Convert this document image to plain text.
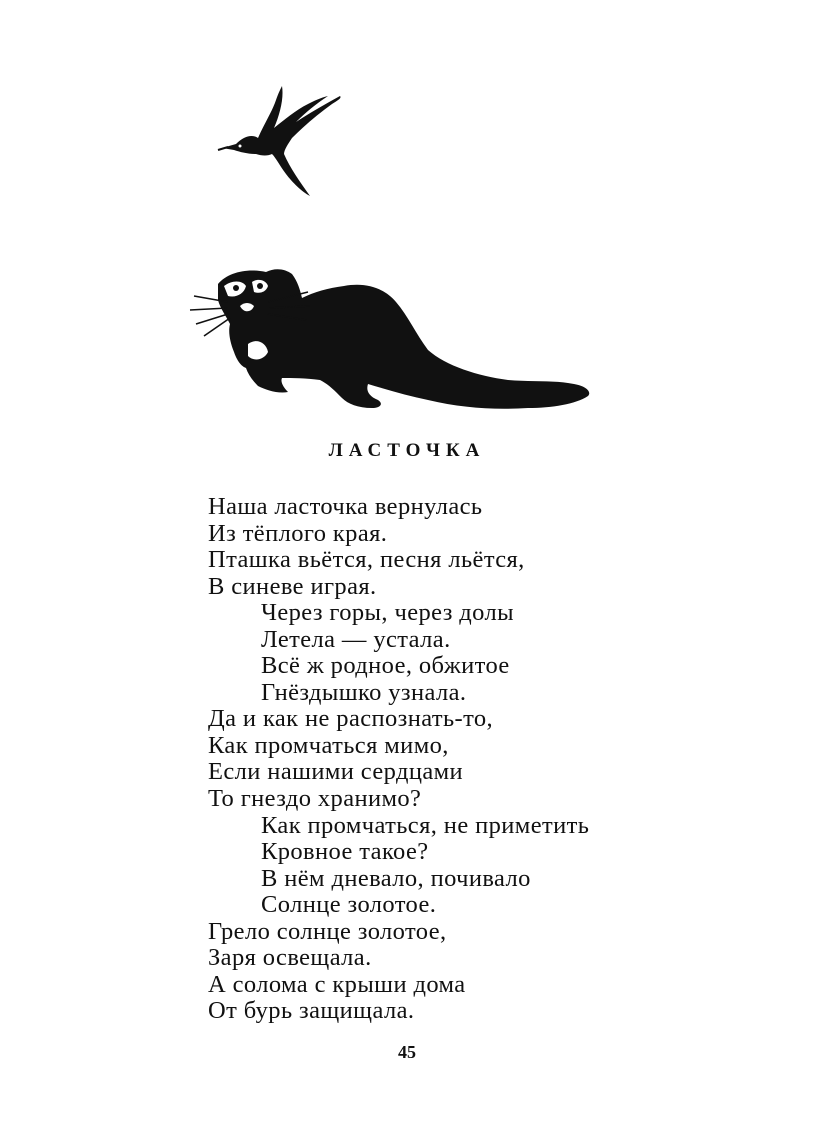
ЛАСТОЧКА
Наша ласточка вернулась
Из тёплого края.
Пташка вьётся, песня льётся,
В синеве играя.
Через горы, через долы
Летела — устала.
Всё ж родное, обжитое
Гнёздышко узнала.
Да и как не распознать-то,
Как промчаться мимо,
Если нашими сердцами
То гнездо хранимо?
Как промчаться, не приметить
Кровное такое?
В нём дневало, почивало
Солнце золотое.
Грело солнце золотое,
Заря освещала.
А солома с крыши дома
От бурь защищала.
45
